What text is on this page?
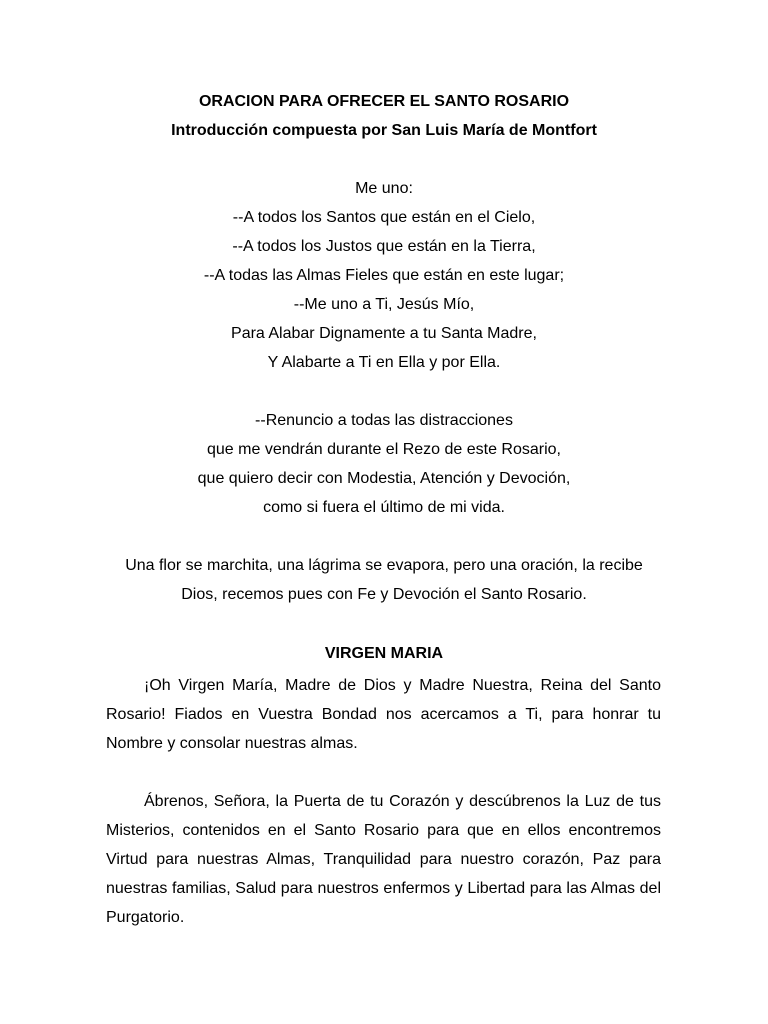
ORACION PARA OFRECER EL SANTO ROSARIO
Introducción compuesta por San Luis María de Montfort
Me uno:
--A todos los Santos que están en el Cielo,
--A todos los Justos que están en la Tierra,
--A todas las Almas Fieles que están en este lugar;
--Me uno a Ti, Jesús Mío,
Para Alabar Dignamente a tu Santa Madre,
Y Alabarte a Ti en Ella y por Ella.
--Renuncio a todas las distracciones
que me vendrán durante el Rezo de este Rosario,
que quiero decir con Modestia, Atención y Devoción,
como si fuera el último de mi vida.
Una flor se marchita, una lágrima se evapora, pero una oración, la recibe
Dios, recemos pues con Fe y Devoción el Santo Rosario.
VIRGEN MARIA

¡Oh Virgen María, Madre de Dios y Madre Nuestra, Reina del Santo Rosario! Fiados en Vuestra Bondad nos acercamos a Ti, para honrar tu Nombre y consolar nuestras almas.

Ábrenos, Señora, la Puerta de tu Corazón y descúbrenos la Luz de tus Misterios, contenidos en el Santo Rosario para que en ellos encontremos Virtud para nuestras Almas, Tranquilidad para nuestro corazón, Paz para nuestras familias, Salud para nuestros enfermos y Libertad para las Almas del Purgatorio.
